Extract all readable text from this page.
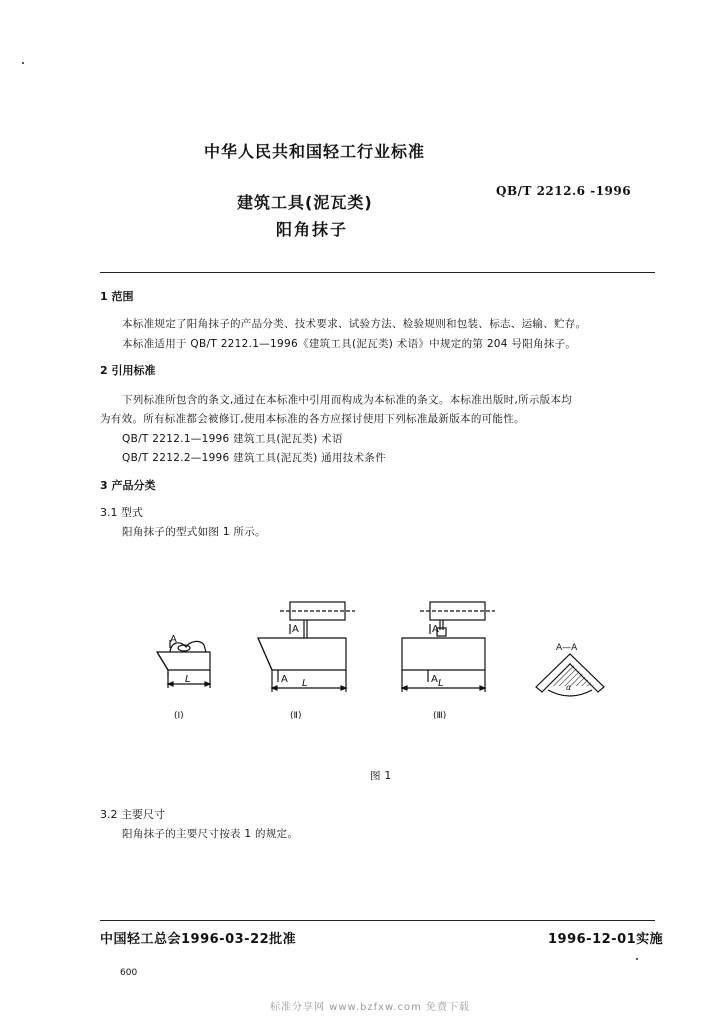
中华人民共和国轻工行业标准
建筑工具(泥瓦类)
阳角抹子
QB/T 2212.6 -1996
1 范围
本标准规定了阳角抹子的产品分类、技术要求、试验方法、检验规则和包装、标志、运输、贮存。
本标准适用于 QB/T 2212.1—1996《建筑工具(泥瓦类) 术语》中规定的第 204 号阳角抹子。
2 引用标准
下列标准所包含的条文,通过在本标准中引用而构成为本标准的条文。本标准出版时,所示版本均
为有效。所有标准都会被修订,使用本标准的各方应探讨使用下列标准最新版本的可能性。
QB/T 2212.1—1996 建筑工具(泥瓦类) 术语
QB/T 2212.2—1996 建筑工具(泥瓦类) 通用技术条件
3 产品分类
3.1 型式
阳角抹子的型式如图 1 所示。
A
L
A
A L
A
A L
A—A
α
(Ⅰ)	(Ⅱ)	(Ⅲ)
图 1
3.2 主要尺寸
阳角抹子的主要尺寸按表 1 的规定。
中国轻工总会1996-03-22批准	1996-12-01实施
600
标准分享网 www.bzfxw.com 免费下载
